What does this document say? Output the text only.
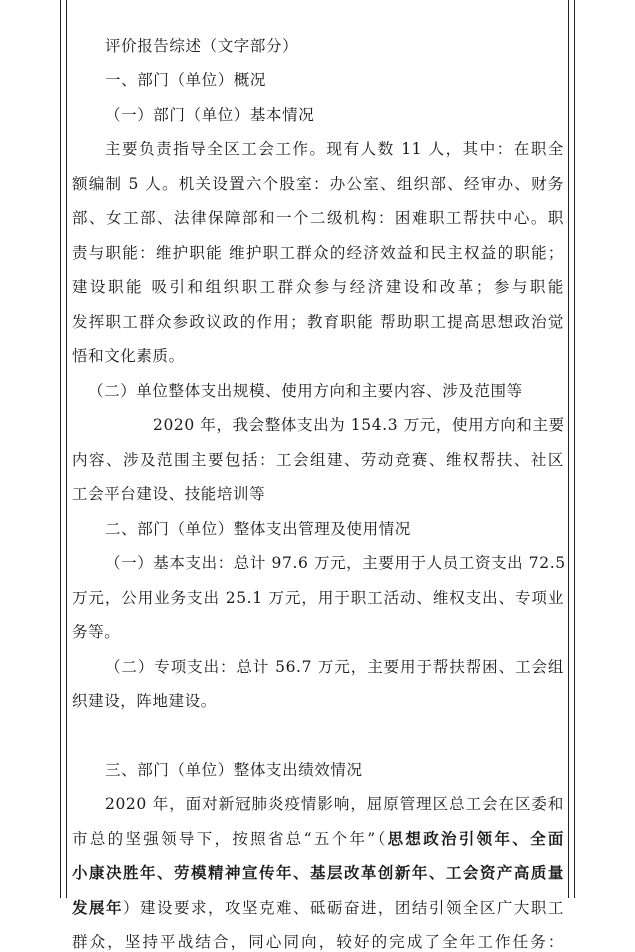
评价报告综述（文字部分）
一、部门（单位）概况
（一）部门（单位）基本情况
主要负责指导全区工会工作。现有人数 11 人，其中：在职全
额编制 5 人。机关设置六个股室：办公室、组织部、经审办、财务
部、女工部、法律保障部和一个二级机构：困难职工帮扶中心。职
责与职能：维护职能 维护职工群众的经济效益和民主权益的职能；
建设职能 吸引和组织职工群众参与经济建设和改革；参与职能
发挥职工群众参政议政的作用；教育职能 帮助职工提高思想政治觉
悟和文化素质。
（二）单位整体支出规模、使用方向和主要内容、涉及范围等
2020 年，我会整体支出为 154.3 万元，使用方向和主要
内容、涉及范围主要包括：工会组建、劳动竞赛、维权帮扶、社区
工会平台建设、技能培训等
二、部门（单位）整体支出管理及使用情况
（一）基本支出：总计 97.6 万元，主要用于人员工资支出 72.5
万元，公用业务支出 25.1 万元，用于职工活动、维权支出、专项业
务等。
（二）专项支出：总计 56.7 万元，主要用于帮扶帮困、工会组
织建设，阵地建设。
三、部门（单位）整体支出绩效情况
2020 年，面对新冠肺炎疫情影响，屈原管理区总工会在区委和
市总的坚强领导下，按照省总“五个年”（思想政治引领年、全面
小康决胜年、劳模精神宣传年、基层改革创新年、工会资产高质量
发展年）建设要求，攻坚克难、砥砺奋进，团结引领全区广大职工
群众，坚持平战结合，同心同向，较好的完成了全年工作任务：
